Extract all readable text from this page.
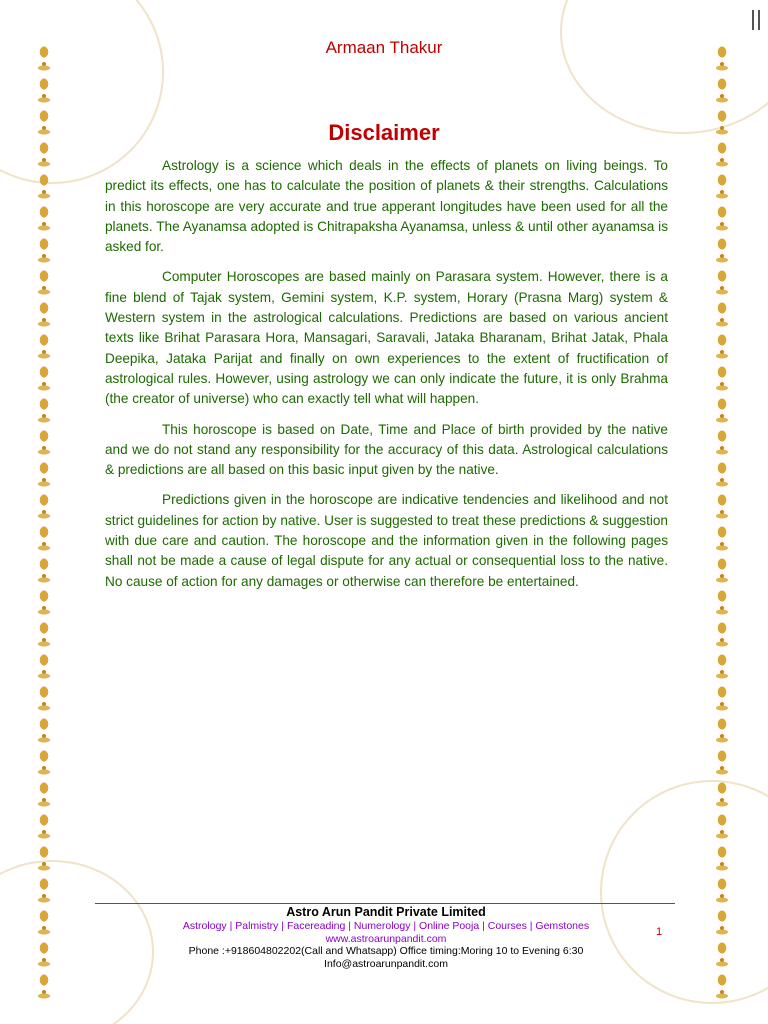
Armaan Thakur
Disclaimer

Astrology is a science which deals in the effects of planets on living beings. To predict its effects, one has to calculate the position of planets & their strengths. Calculations in this horoscope are very accurate and true apperant longitudes have been used for all the planets. The Ayanamsa adopted is Chitrapaksha Ayanamsa, unless & until other ayanamsa is asked for.

Computer Horoscopes are based mainly on Parasara system. However, there is a fine blend of Tajak system, Gemini system, K.P. system, Horary (Prasna Marg) system & Western system in the astrological calculations. Predictions are based on various ancient texts like Brihat Parasara Hora, Mansagari, Saravali, Jataka Bharanam, Brihat Jatak, Phala Deepika, Jataka Parijat and finally on own experiences to the extent of fructification of astrological rules. However, using astrology we can only indicate the future, it is only Brahma (the creator of universe) who can exactly tell what will happen.

This horoscope is based on Date, Time and Place of birth provided by the native and we do not stand any responsibility for the accuracy of this data. Astrological calculations & predictions are all based on this basic input given by the native.

Predictions given in the horoscope are indicative tendencies and likelihood and not strict guidelines for action by native. User is suggested to treat these predictions & suggestion with due care and caution. The horoscope and the information given in the following pages shall not be made a cause of legal dispute for any actual or consequential loss to the native. No cause of action for any damages or otherwise can therefore be entertained.

Astro Arun Pandit Private Limited
Astrology | Palmistry | Facereading | Numerology | Online Pooja | Courses | Gemstones
www.astroarunpandit.com
Phone :+918604802202(Call and Whatsapp) Office timing:Moring 10 to Evening 6:30
Info@astroarunpandit.com
1
